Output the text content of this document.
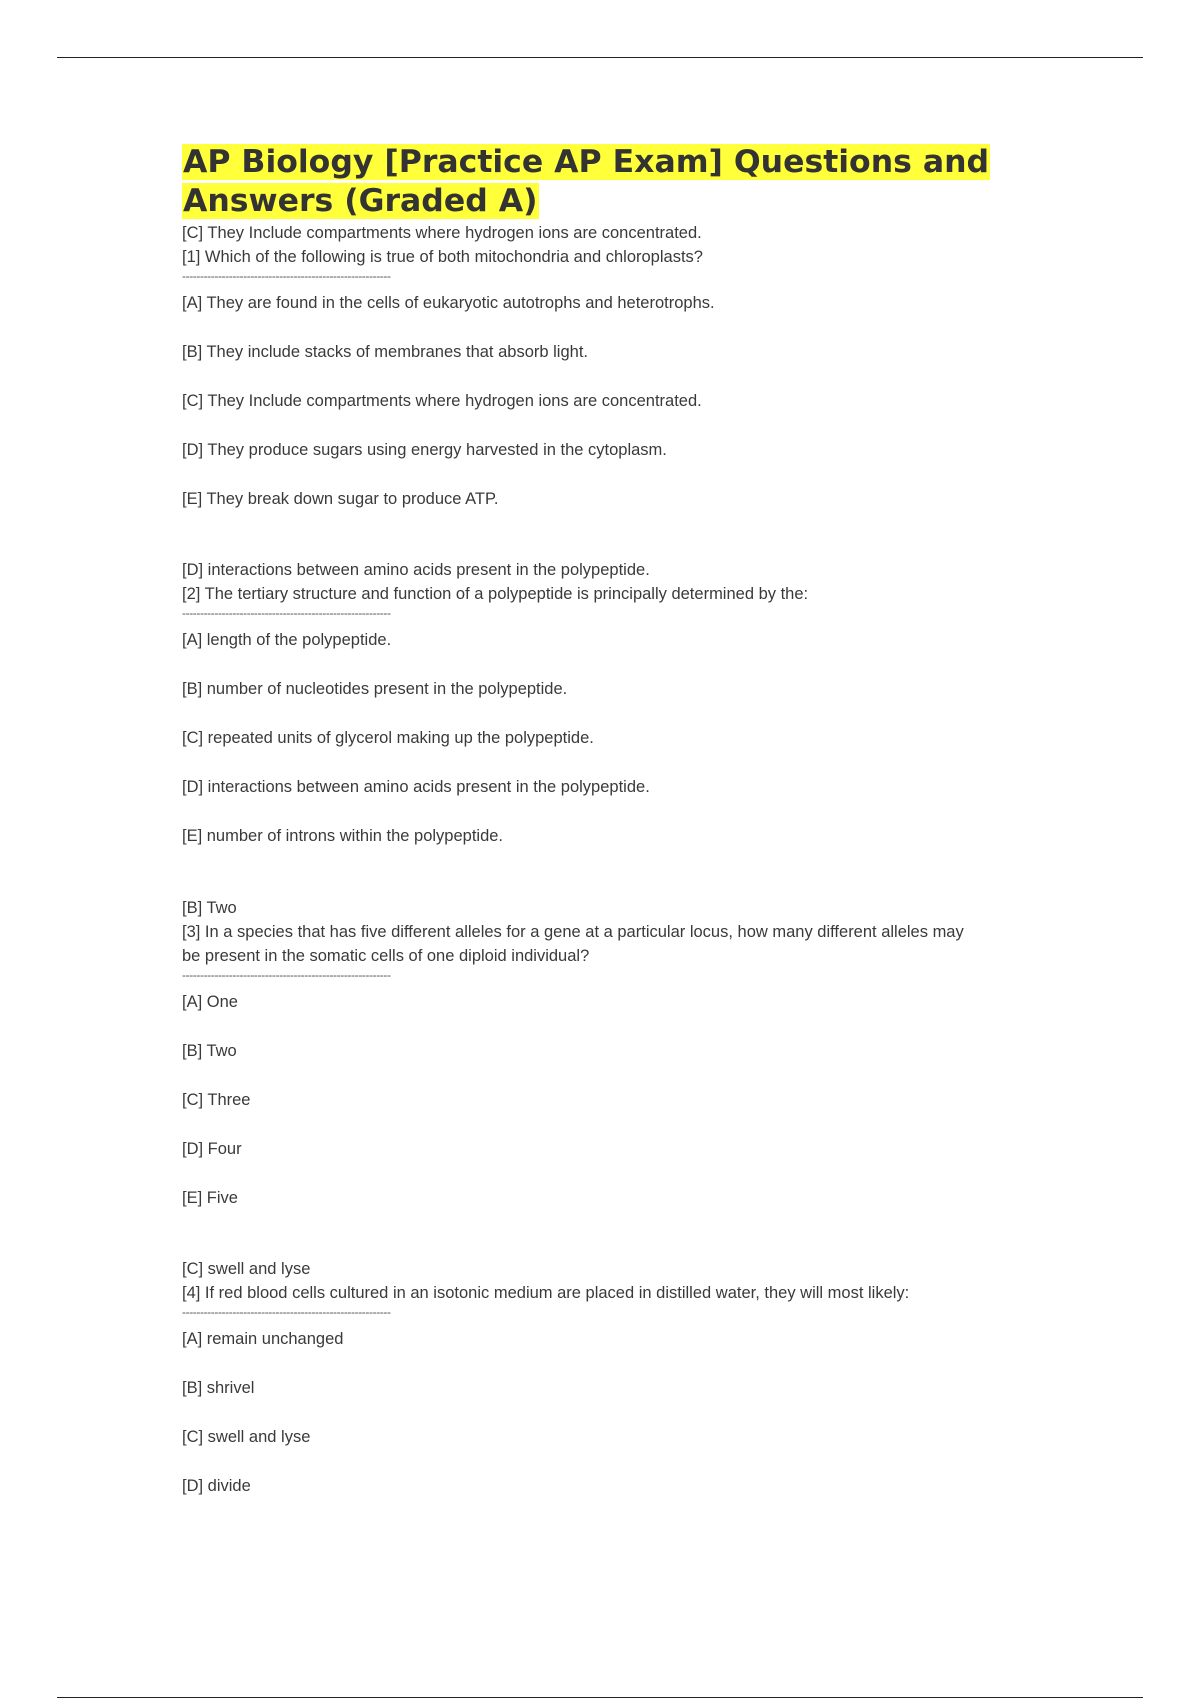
AP Biology [Practice AP Exam] Questions and Answers (Graded A)
[C] They Include compartments where hydrogen ions are concentrated.
[1] Which of the following is true of both mitochondria and chloroplasts?
----------------------------------------------------------
[A] They are found in the cells of eukaryotic autotrophs and heterotrophs.
[B] They include stacks of membranes that absorb light.
[C] They Include compartments where hydrogen ions are concentrated.
[D] They produce sugars using energy harvested in the cytoplasm.
[E] They break down sugar to produce ATP.
[D] interactions between amino acids present in the polypeptide.
[2] The tertiary structure and function of a polypeptide is principally determined by the:
----------------------------------------------------------
[A] length of the polypeptide.
[B] number of nucleotides present in the polypeptide.
[C] repeated units of glycerol making up the polypeptide.
[D] interactions between amino acids present in the polypeptide.
[E] number of introns within the polypeptide.
[B] Two
[3] In a species that has five different alleles for a gene at a particular locus, how many different alleles may be present in the somatic cells of one diploid individual?
----------------------------------------------------------
[A] One
[B] Two
[C] Three
[D] Four
[E] Five
[C] swell and lyse
[4] If red blood cells cultured in an isotonic medium are placed in distilled water, they will most likely:
----------------------------------------------------------
[A] remain unchanged
[B] shrivel
[C] swell and lyse
[D] divide
